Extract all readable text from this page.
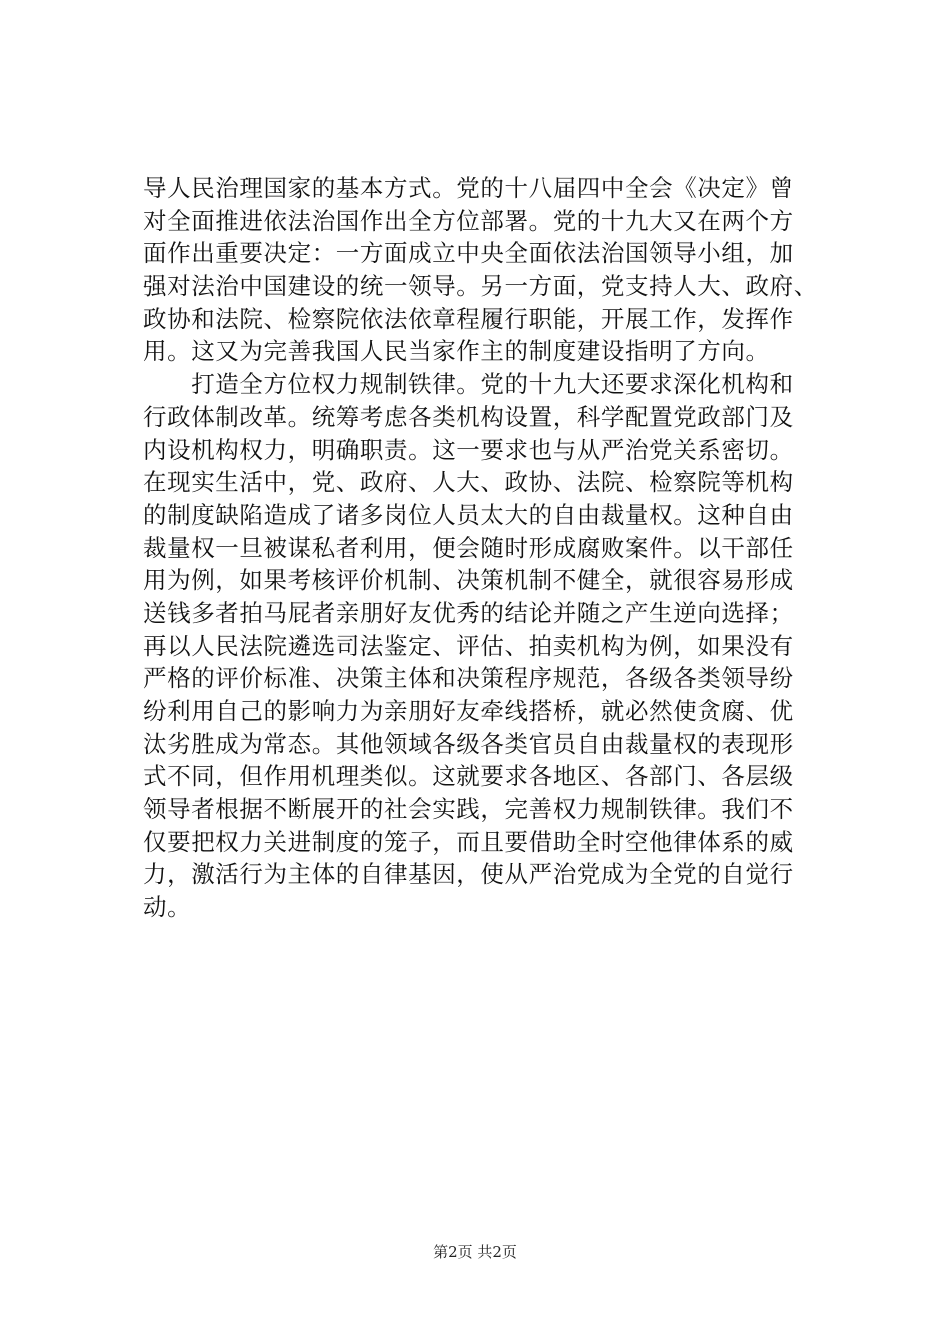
导人民治理国家的基本方式。党的十八届四中全会《决定》曾
对全面推进依法治国作出全方位部署。党的十九大又在两个方
面作出重要决定：一方面成立中央全面依法治国领导小组，加
强对法治中国建设的统一领导。另一方面，党支持人大、政府、
政协和法院、检察院依法依章程履行职能，开展工作，发挥作
用。这又为完善我国人民当家作主的制度建设指明了方向。
　　打造全方位权力规制铁律。党的十九大还要求深化机构和
行政体制改革。统筹考虑各类机构设置，科学配置党政部门及
内设机构权力，明确职责。这一要求也与从严治党关系密切。
在现实生活中，党、政府、人大、政协、法院、检察院等机构
的制度缺陷造成了诸多岗位人员太大的自由裁量权。这种自由
裁量权一旦被谋私者利用，便会随时形成腐败案件。以干部任
用为例，如果考核评价机制、决策机制不健全，就很容易形成
送钱多者拍马屁者亲朋好友优秀的结论并随之产生逆向选择；
再以人民法院遴选司法鉴定、评估、拍卖机构为例，如果没有
严格的评价标准、决策主体和决策程序规范，各级各类领导纷
纷利用自己的影响力为亲朋好友牵线搭桥，就必然使贪腐、优
汰劣胜成为常态。其他领域各级各类官员自由裁量权的表现形
式不同，但作用机理类似。这就要求各地区、各部门、各层级
领导者根据不断展开的社会实践，完善权力规制铁律。我们不
仅要把权力关进制度的笼子，而且要借助全时空他律体系的威
力，激活行为主体的自律基因，使从严治党成为全党的自觉行
动。
第2页 共2页
